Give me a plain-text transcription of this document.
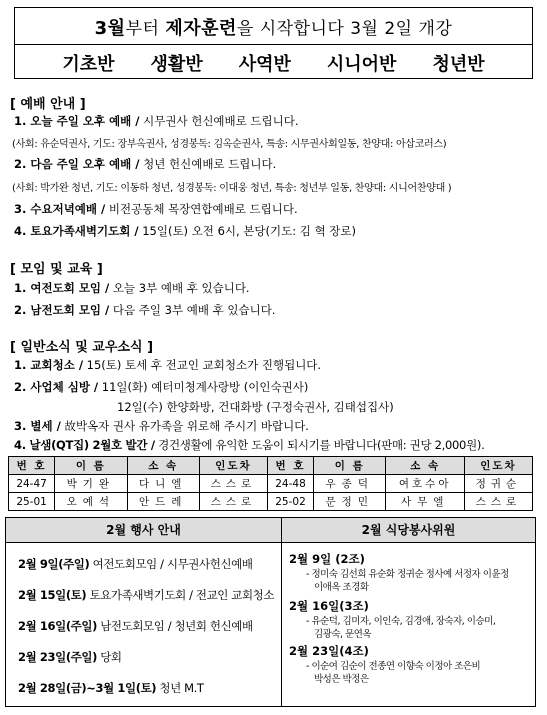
3월부터 제자훈련을 시작합니다 3월 2일 개강
기초반 생활반 사역반 시니어반 청년반
[ 예배 안내 ]
1. 오늘 주일 오후 예배 / 시무권사 헌신예배로 드립니다.
(사회: 유순덕권사, 기도: 장부옥권사, 성경봉독: 김옥순권사, 특송: 시무권사회일동, 찬양대: 아삽코러스)
2. 다음 주일 오후 예배 / 청년 헌신예배로 드립니다.
(사회: 박가완 청년, 기도: 이동하 청년, 성경봉독: 이대웅 청년, 특송: 청년부 일동, 찬양대: 시니어찬양대 )
3. 수요저녁예배 / 비전공동체 목장연합예배로 드립니다.
4. 토요가족새벽기도회 / 15일(토) 오전 6시, 본당(기도: 김 혁 장로)
[ 모임 및 교육 ]
1. 여전도회 모임 / 오늘 3부 예배 후 있습니다.
2. 남전도회 모임 / 다음 주일 3부 예배 후 있습니다.
[ 일반소식 및 교우소식 ]
1. 교회청소 / 15(토) 토세 후 전교인 교회청소가 진행됩니다.
2. 사업체 심방 / 11일(화) 예터미쳥계사랑방 (이인숙권사)
12일(수) 한양화방, 건대화방 (구정숙권사, 김태섭집사)
3. 별세 / 故박옥자 권사 유가족을 위로해 주시기 바랍니다.
4. 날샘(QT집) 2월호 발간 / 경건생활에 유익한 도움이 되시기를 바랍니다(판매: 권당 2,000원).
번 호	이 름	소 속	인도차	번 호	이 름	소 속	인도차
24-47	박기완	다니엘	스스로	24-48	우종덕	여호수아	정귀순
25-01	오예석	안드레	스스로	25-02	문정민	사무엘	스스로
2월 행사 안내	2월 식당봉사위원
2월 9일(주일) 여전도회모임 / 시무권사헌신예배
2월 15일(토) 토요가족새벽기도회 / 전교인 교회청소
2월 16일(주일) 남전도회모임 / 청년회 헌신예배
2월 23일(주일) 당회
2월 28일(금)~3월 1일(토) 청년 M.T
2월 9일 (2조)
- 정미숙 김선희 유순화 정귀순 정사예 서정자 이윤정
이애옥 조경화
2월 16일(3조)
- 유순덕, 김미자, 이인숙, 김경애, 장숙자, 이승미,
김광숙, 문연옥
2월 23일(4조)
- 이순여 김순이 전종연 이향숙 이정아 조은비
박성은 박정은
